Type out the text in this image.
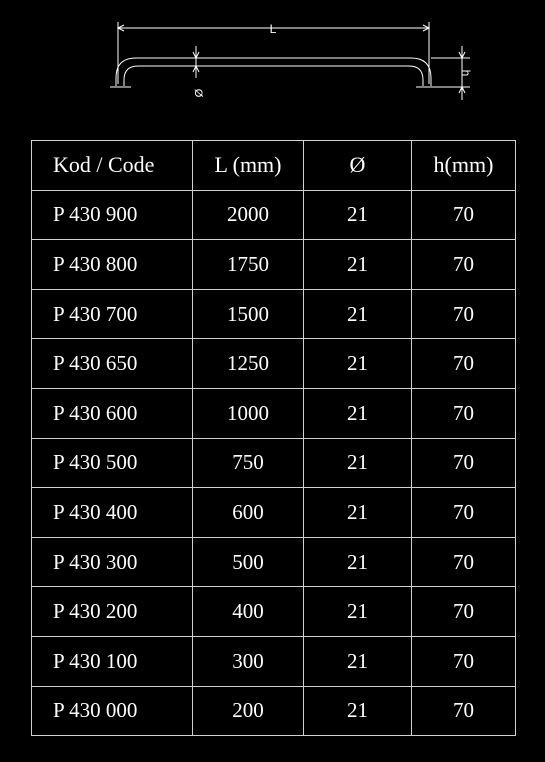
L
Ø
h
Kod / Code	L (mm)	Ø	h(mm)
P 430 900	2000	21	70
P 430 800	1750	21	70
P 430 700	1500	21	70
P 430 650	1250	21	70
P 430 600	1000	21	70
P 430 500	750	21	70
P 430 400	600	21	70
P 430 300	500	21	70
P 430 200	400	21	70
P 430 100	300	21	70
P 430 000	200	21	70
